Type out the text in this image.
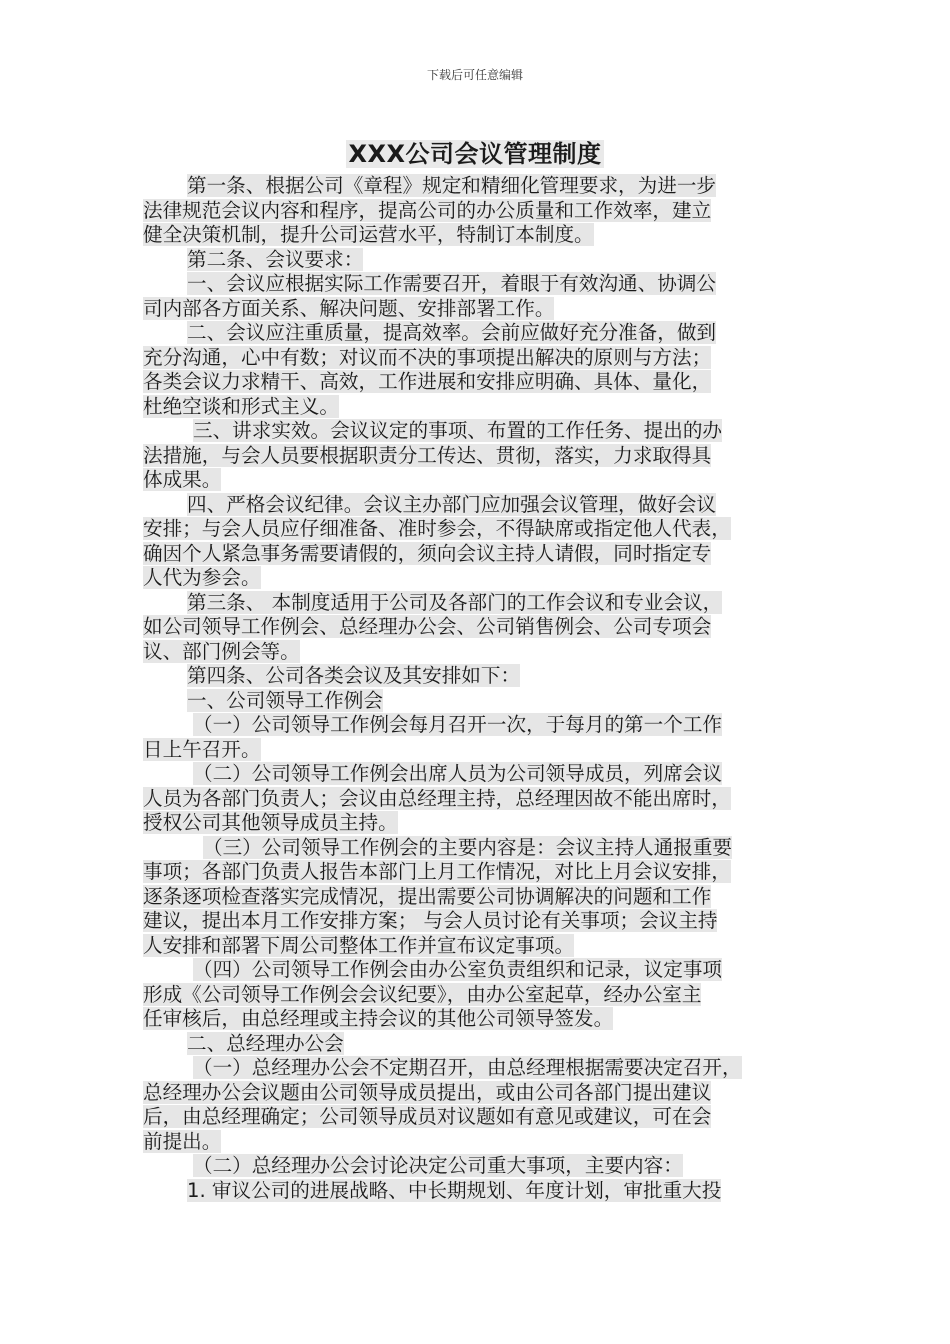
下载后可任意编辑
XXX公司会议管理制度
第一条、根据公司《章程》规定和精细化管理要求，为进一步
法律规范会议内容和程序，提高公司的办公质量和工作效率，建立
健全决策机制，提升公司运营水平，特制订本制度。
第二条、会议要求：
一、会议应根据实际工作需要召开，着眼于有效沟通、协调公
司内部各方面关系、解决问题、安排部署工作。
二、会议应注重质量，提高效率。会前应做好充分准备，做到
充分沟通，心中有数；对议而不决的事项提出解决的原则与方法；
各类会议力求精干、高效，工作进展和安排应明确、具体、量化，
杜绝空谈和形式主义。
三、讲求实效。会议议定的事项、布置的工作任务、提出的办
法措施，与会人员要根据职责分工传达、贯彻，落实，力求取得具
体成果。
四、严格会议纪律。会议主办部门应加强会议管理，做好会议
安排；与会人员应仔细准备、准时参会，不得缺席或指定他人代表，
确因个人紧急事务需要请假的，须向会议主持人请假，同时指定专
人代为参会。
第三条、 本制度适用于公司及各部门的工作会议和专业会议，
如公司领导工作例会、总经理办公会、公司销售例会、公司专项会
议、部门例会等。
第四条、公司各类会议及其安排如下：
一、公司领导工作例会
（一）公司领导工作例会每月召开一次，于每月的第一个工作
日上午召开。
（二）公司领导工作例会出席人员为公司领导成员，列席会议
人员为各部门负责人；会议由总经理主持，总经理因故不能出席时，
授权公司其他领导成员主持。
（三）公司领导工作例会的主要内容是：会议主持人通报重要
事项；各部门负责人报告本部门上月工作情况，对比上月会议安排，
逐条逐项检查落实完成情况，提出需要公司协调解决的问题和工作
建议，提出本月工作安排方案； 与会人员讨论有关事项；会议主持
人安排和部署下周公司整体工作并宣布议定事项。
（四）公司领导工作例会由办公室负责组织和记录，议定事项
形成《公司领导工作例会会议纪要》，由办公室起草，经办公室主
任审核后，由总经理或主持会议的其他公司领导签发。
二、总经理办公会
（一）总经理办公会不定期召开，由总经理根据需要决定召开，
总经理办公会议题由公司领导成员提出，或由公司各部门提出建议
后，由总经理确定；公司领导成员对议题如有意见或建议，可在会
前提出。
（二）总经理办公会讨论决定公司重大事项，主要内容：
1. 审议公司的进展战略、中长期规划、年度计划，审批重大投
